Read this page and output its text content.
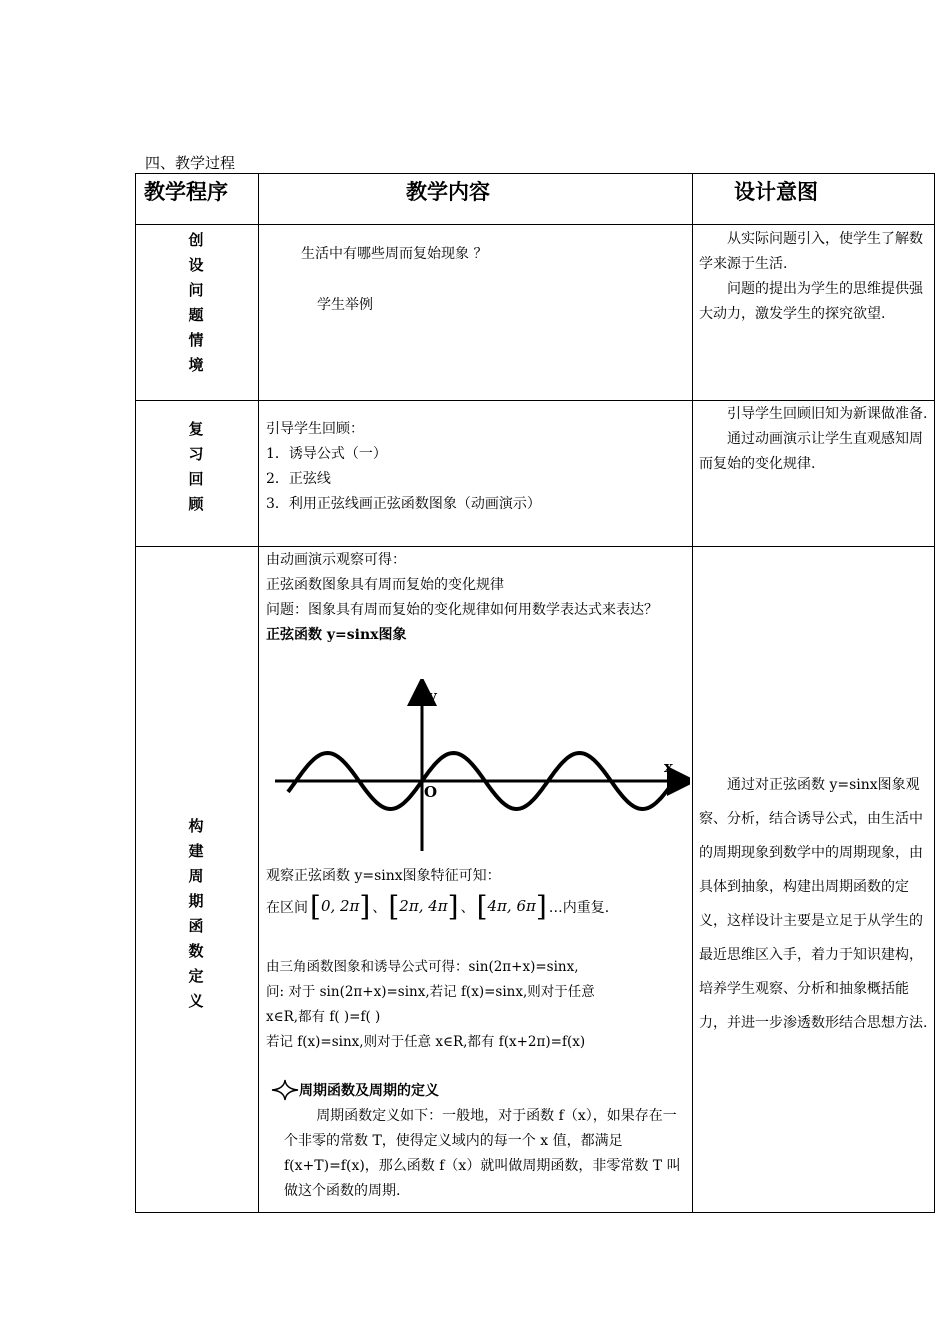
四、教学过程
教学程序	教学内容	设计意图
创
设
问
题
情
境
生活中有哪些周而复始现象 ？
学生举例

从实际问题引入，使学生了解数学来源于生活.

问题的提出为学生的思维提供强大动力，激发学生的探究欲望.

复
习
回
顾
引导学生回顾：
1．诱导公式（一）
2．正弦线
3．利用正弦线画正弦函数图象（动画演示）

引导学生回顾旧知为新课做准备.

通过动画演示让学生直观感知周而复始的变化规律.

构
建
周
期
函
数
定
义
由动画演示观察可得：
正弦函数图象具有周而复始的变化规律
问题：图象具有周而复始的变化规律如何用数学表达式来表达？
正弦函数 y=sinx图象
y
x
O
观察正弦函数 y=sinx图象特征可知：
在区间 [0, 2π] 、 [2π, 4π] 、 [4π, 6π] …内重复.
由三角函数图象和诱导公式可得：sin(2π+x)=sinx,
问: 对于 sin(2π+x)=sinx,若记 f(x)=sinx,则对于任意
x∈R,都有 f( )=f( )
若记 f(x)=sinx,则对于任意 x∈R,都有 f(x+2π)=f(x)
周期函数及周期的定义

周期函数定义如下：一般地，对于函数 f（x），如果存在一个非零的常数 T，使得定义域内的每一个 x 值，都满足 f(x+T)=f(x)，那么函数 f（x）就叫做周期函数，非零常数 T 叫做这个函数的周期.

通过对正弦函数 y=sinx图象观察、分析，结合诱导公式，由生活中的周期现象到数学中的周期现象，由具体到抽象，构建出周期函数的定义，这样设计主要是立足于从学生的最近思维区入手，着力于知识建构，培养学生观察、分析和抽象概括能力，并进一步渗透数形结合思想方法.
